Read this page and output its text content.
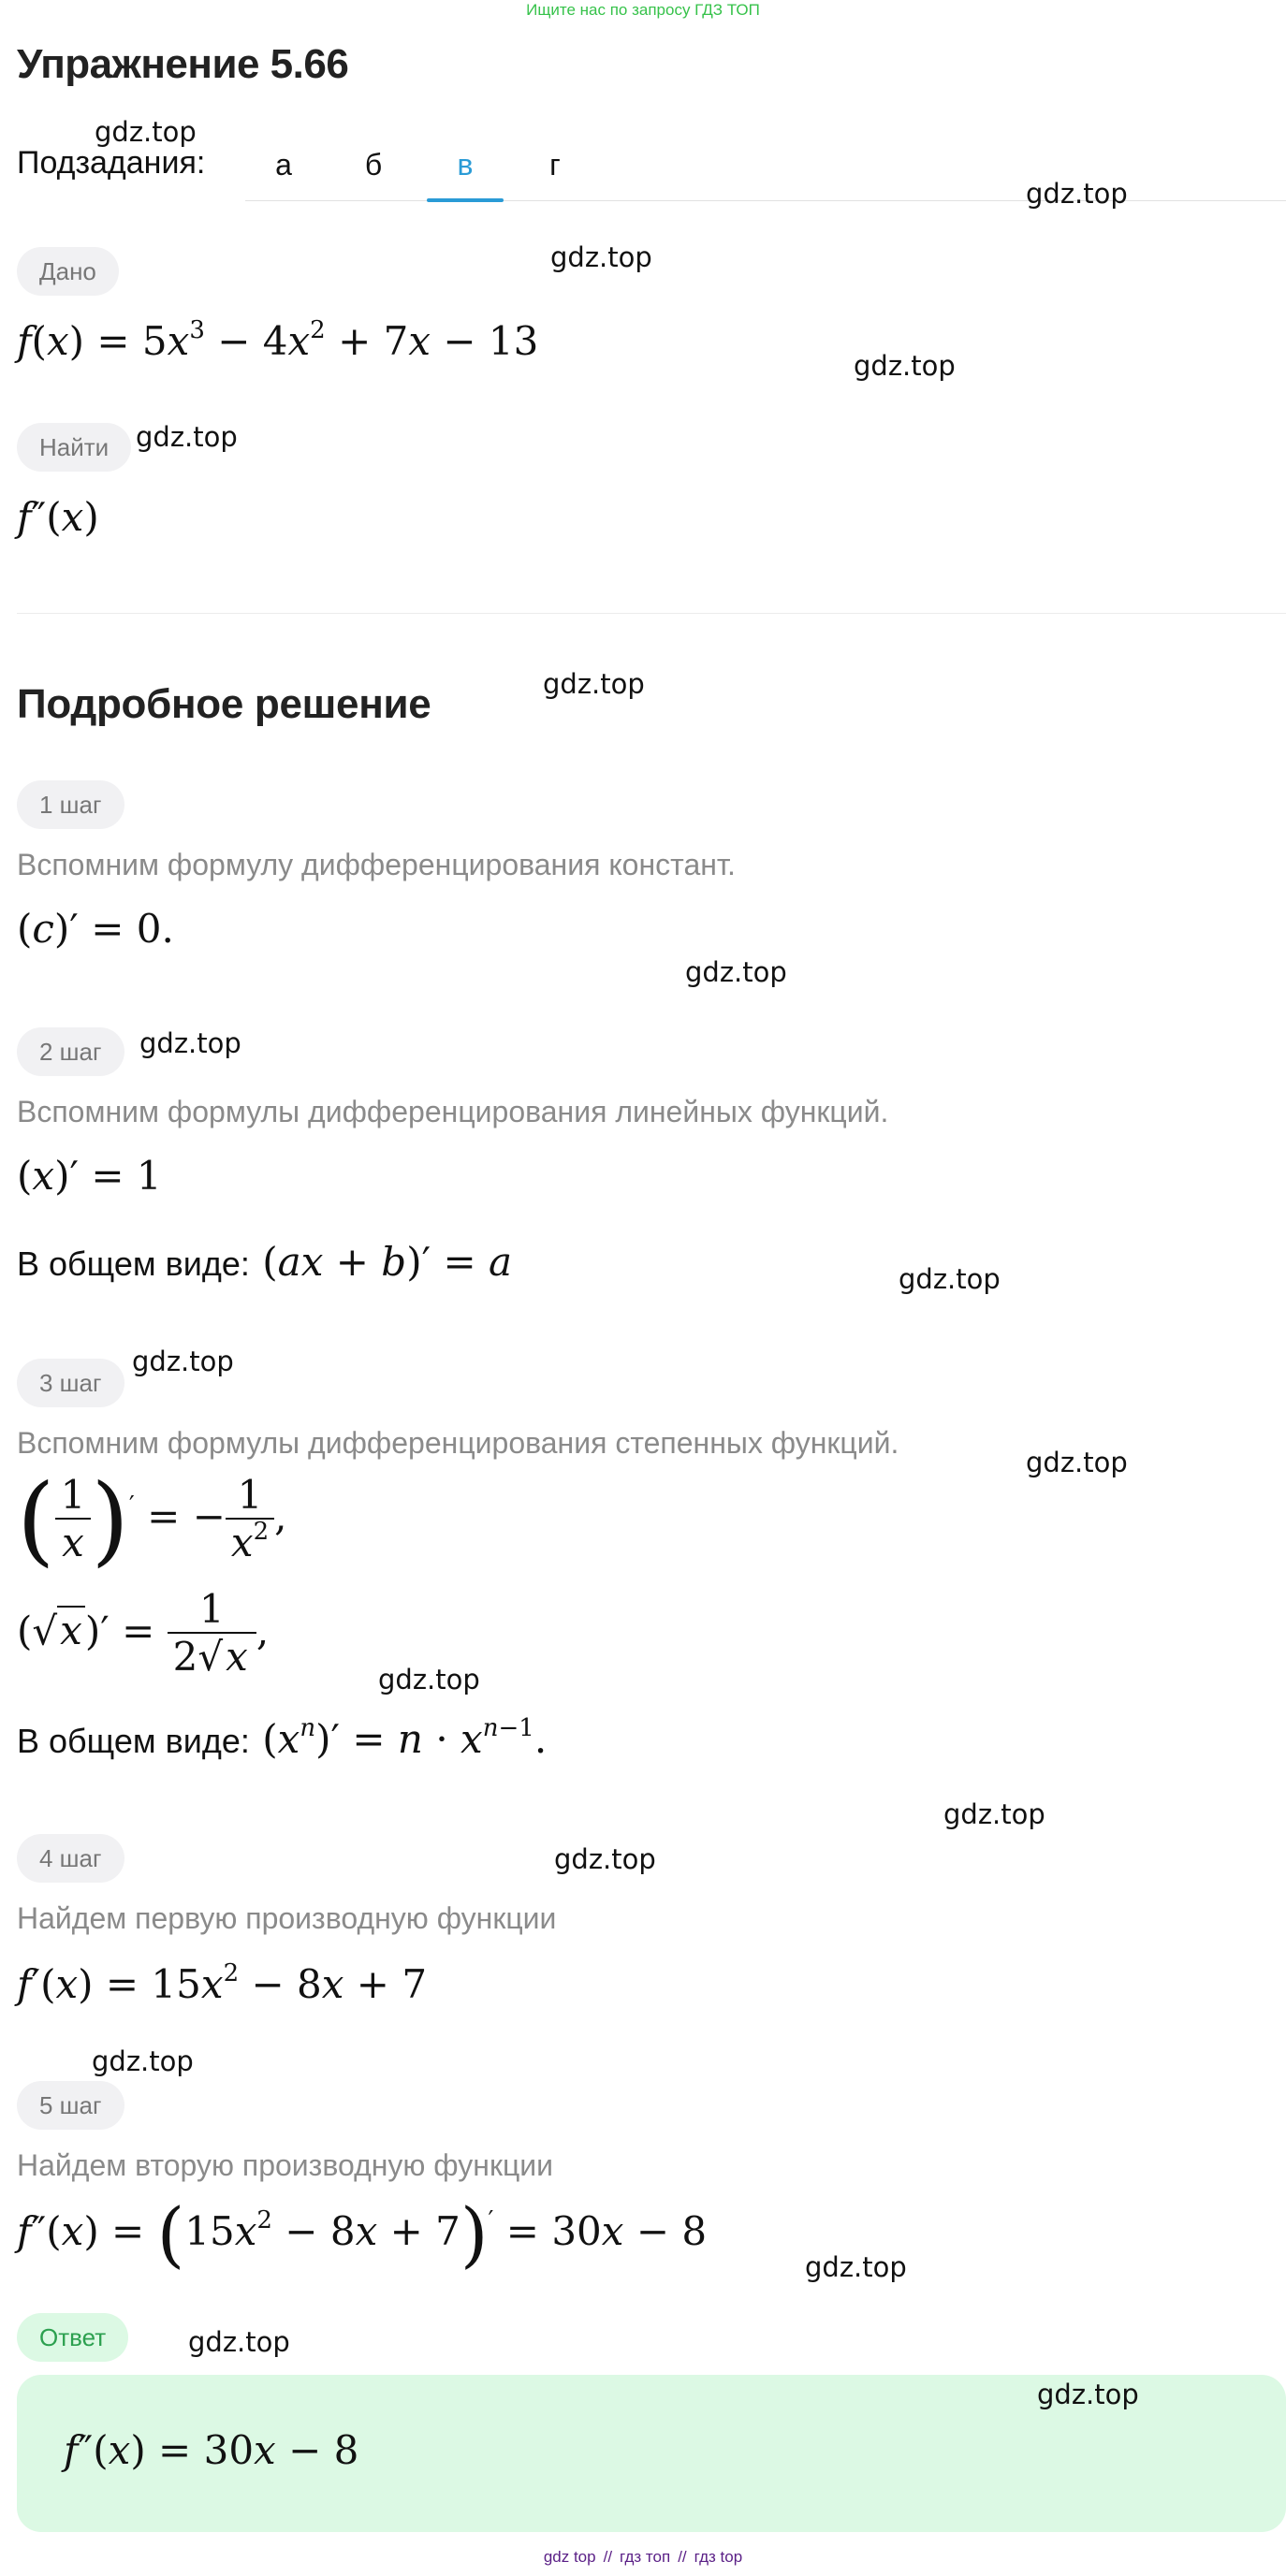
Ищите нас по запросу ГДЗ ТОП
Упражнение 5.66
Подзадания:	а	б	в	г
Дано
$f(x) = 5x^3 - 4x^2 + 7x - 13$
Найти
f″(x)
Подробное решение
1 шаг
Вспомним формулу дифференцирования констант.
(c)′ = 0.
2 шаг
Вспомним формулы дифференцирования линейных функций.
(x)′ = 1
В общем виде: (ax + b)′ = a
3 шаг
Вспомним формулы дифференцирования степенных функций.
( $\frac{1}{x} )'$ = − $\frac{1}{x^2}$ ,
$(√x)' = \frac{1}{2√x}$ ,
В общем виде: $(x^n)' = n \cdot x^{n-1}$.
4 шаг
Найдем первую производную функции
$f'(x) = 15x^2 - 8x + 7$
5 шаг
Найдем вторую производную функции
$f''(x) = (15x^2 - 8x + 7)' = 30x - 8$
Ответ
f″(x) = 30x − 8
gdz.top
gdz.top
gdz.top
gdz.top
gdz.top
gdz.top
gdz.top
gdz.top
gdz.top
gdz.top
gdz.top
gdz.top
gdz.top
gdz.top
gdz.top
gdz.top
gdz.top
gdz.top
gdz top // гдз топ // гдз top
